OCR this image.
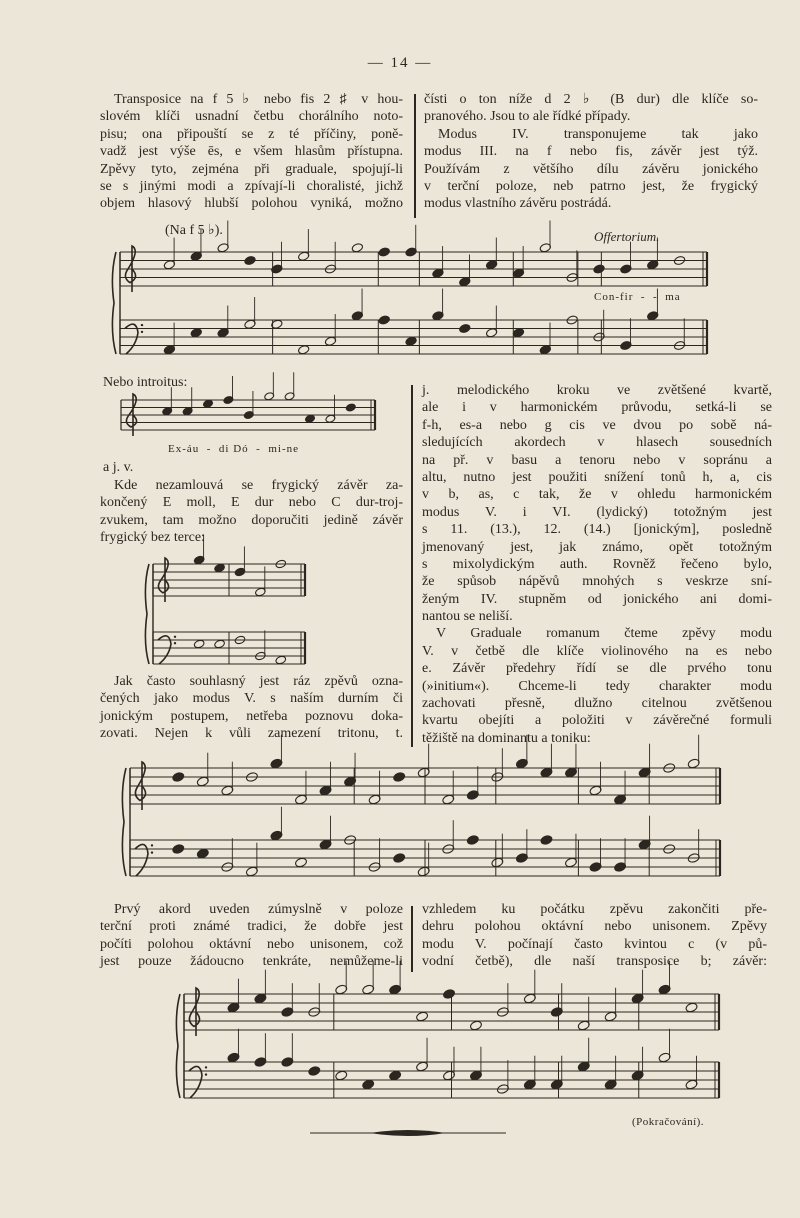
— 14 —
Transposice na f 5 ♭ nebo fis 2 ♯ v hou-
slovém klíči usnadní četbu chorálního noto-
pisu; ona připouští se z té příčiny, poně-
vadž jest výše ēs, e všem hlasům přístupna.
Zpěvy tyto, zejména při graduale, spojují-li
se s jinými modi a zpívají-li choralisté, jichž
objem hlasový hlubší polohou vyniká, možno
čísti o ton níže d 2 ♭ (B dur) dle klíče so-
pranového. Jsou to ale řídké případy.
Modus IV. transponujeme tak jako
modus III. na f nebo fis, závěr jest týž.
Používám z většího dílu závěru jonického
v terční poloze, neb patrno jest, že frygický
modus vlastního závěru postrádá.
(Na f 5 ♭).	Offertorium.
Con-fir  -  -  ma
Nebo introitus:
Ex-áu  -  di Dó  -  mi-ne
a j. v.
Kde nezamlouvá se frygický závěr za-
končený E moll, E dur nebo C dur-troj-
zvukem, tam možno doporučiti jedině závěr
frygický bez terce:
Jak často souhlasný jest ráz zpěvů ozna-
čených jako modus V. s naším durním či
jonickým postupem, netřeba poznovu doka-
zovati. Nejen k vůli zamezení tritonu, t.
j. melodického kroku ve zvětšené kvartě,
ale i v harmonickém průvodu, setká-li se
f-h, es-a nebo g cis ve dvou po sobě ná-
sledujících akordech v hlasech sousedních
na př. v basu a tenoru nebo v sopránu a
altu, nutno jest použiti snížení tonů h, a, cis
v b, as, c tak, že v ohledu harmonickém
modus V. i VI. (lydický) totožným jest
s 11. (13.), 12. (14.) [jonickým], posledně
jmenovaný jest, jak známo, opět totožným
s mixolydickým auth. Rovněž řečeno bylo,
že spůsob nápěvů mnohých s veskrze sní-
ženým IV. stupněm od jonického ani domi-
nantou se neliší.
V Graduale romanum čteme zpěvy modu
V. v četbě dle klíče violinového na es nebo
e. Závěr předehry řídí se dle prvého tonu
(»initium«). Chceme-li tedy charakter modu
zachovati přesně, dlužno citelnou zvětšenou
kvartu obejíti a položiti v závěrečné formuli
těžiště na dominantu a toniku:
Prvý akord uveden zúmyslně v poloze
terční proti známé tradici, že dobře jest
počíti polohou oktávní nebo unisonem, což
jest pouze žádoucno tenkráte, nemůžeme-li
vzhledem ku počátku zpěvu zakončiti pře-
dehru polohou oktávní nebo unisonem. Zpěvy
modu V. počínají často kvintou c (v pů-
vodní četbě), dle naší transposice b; závěr:
(Pokračování).
